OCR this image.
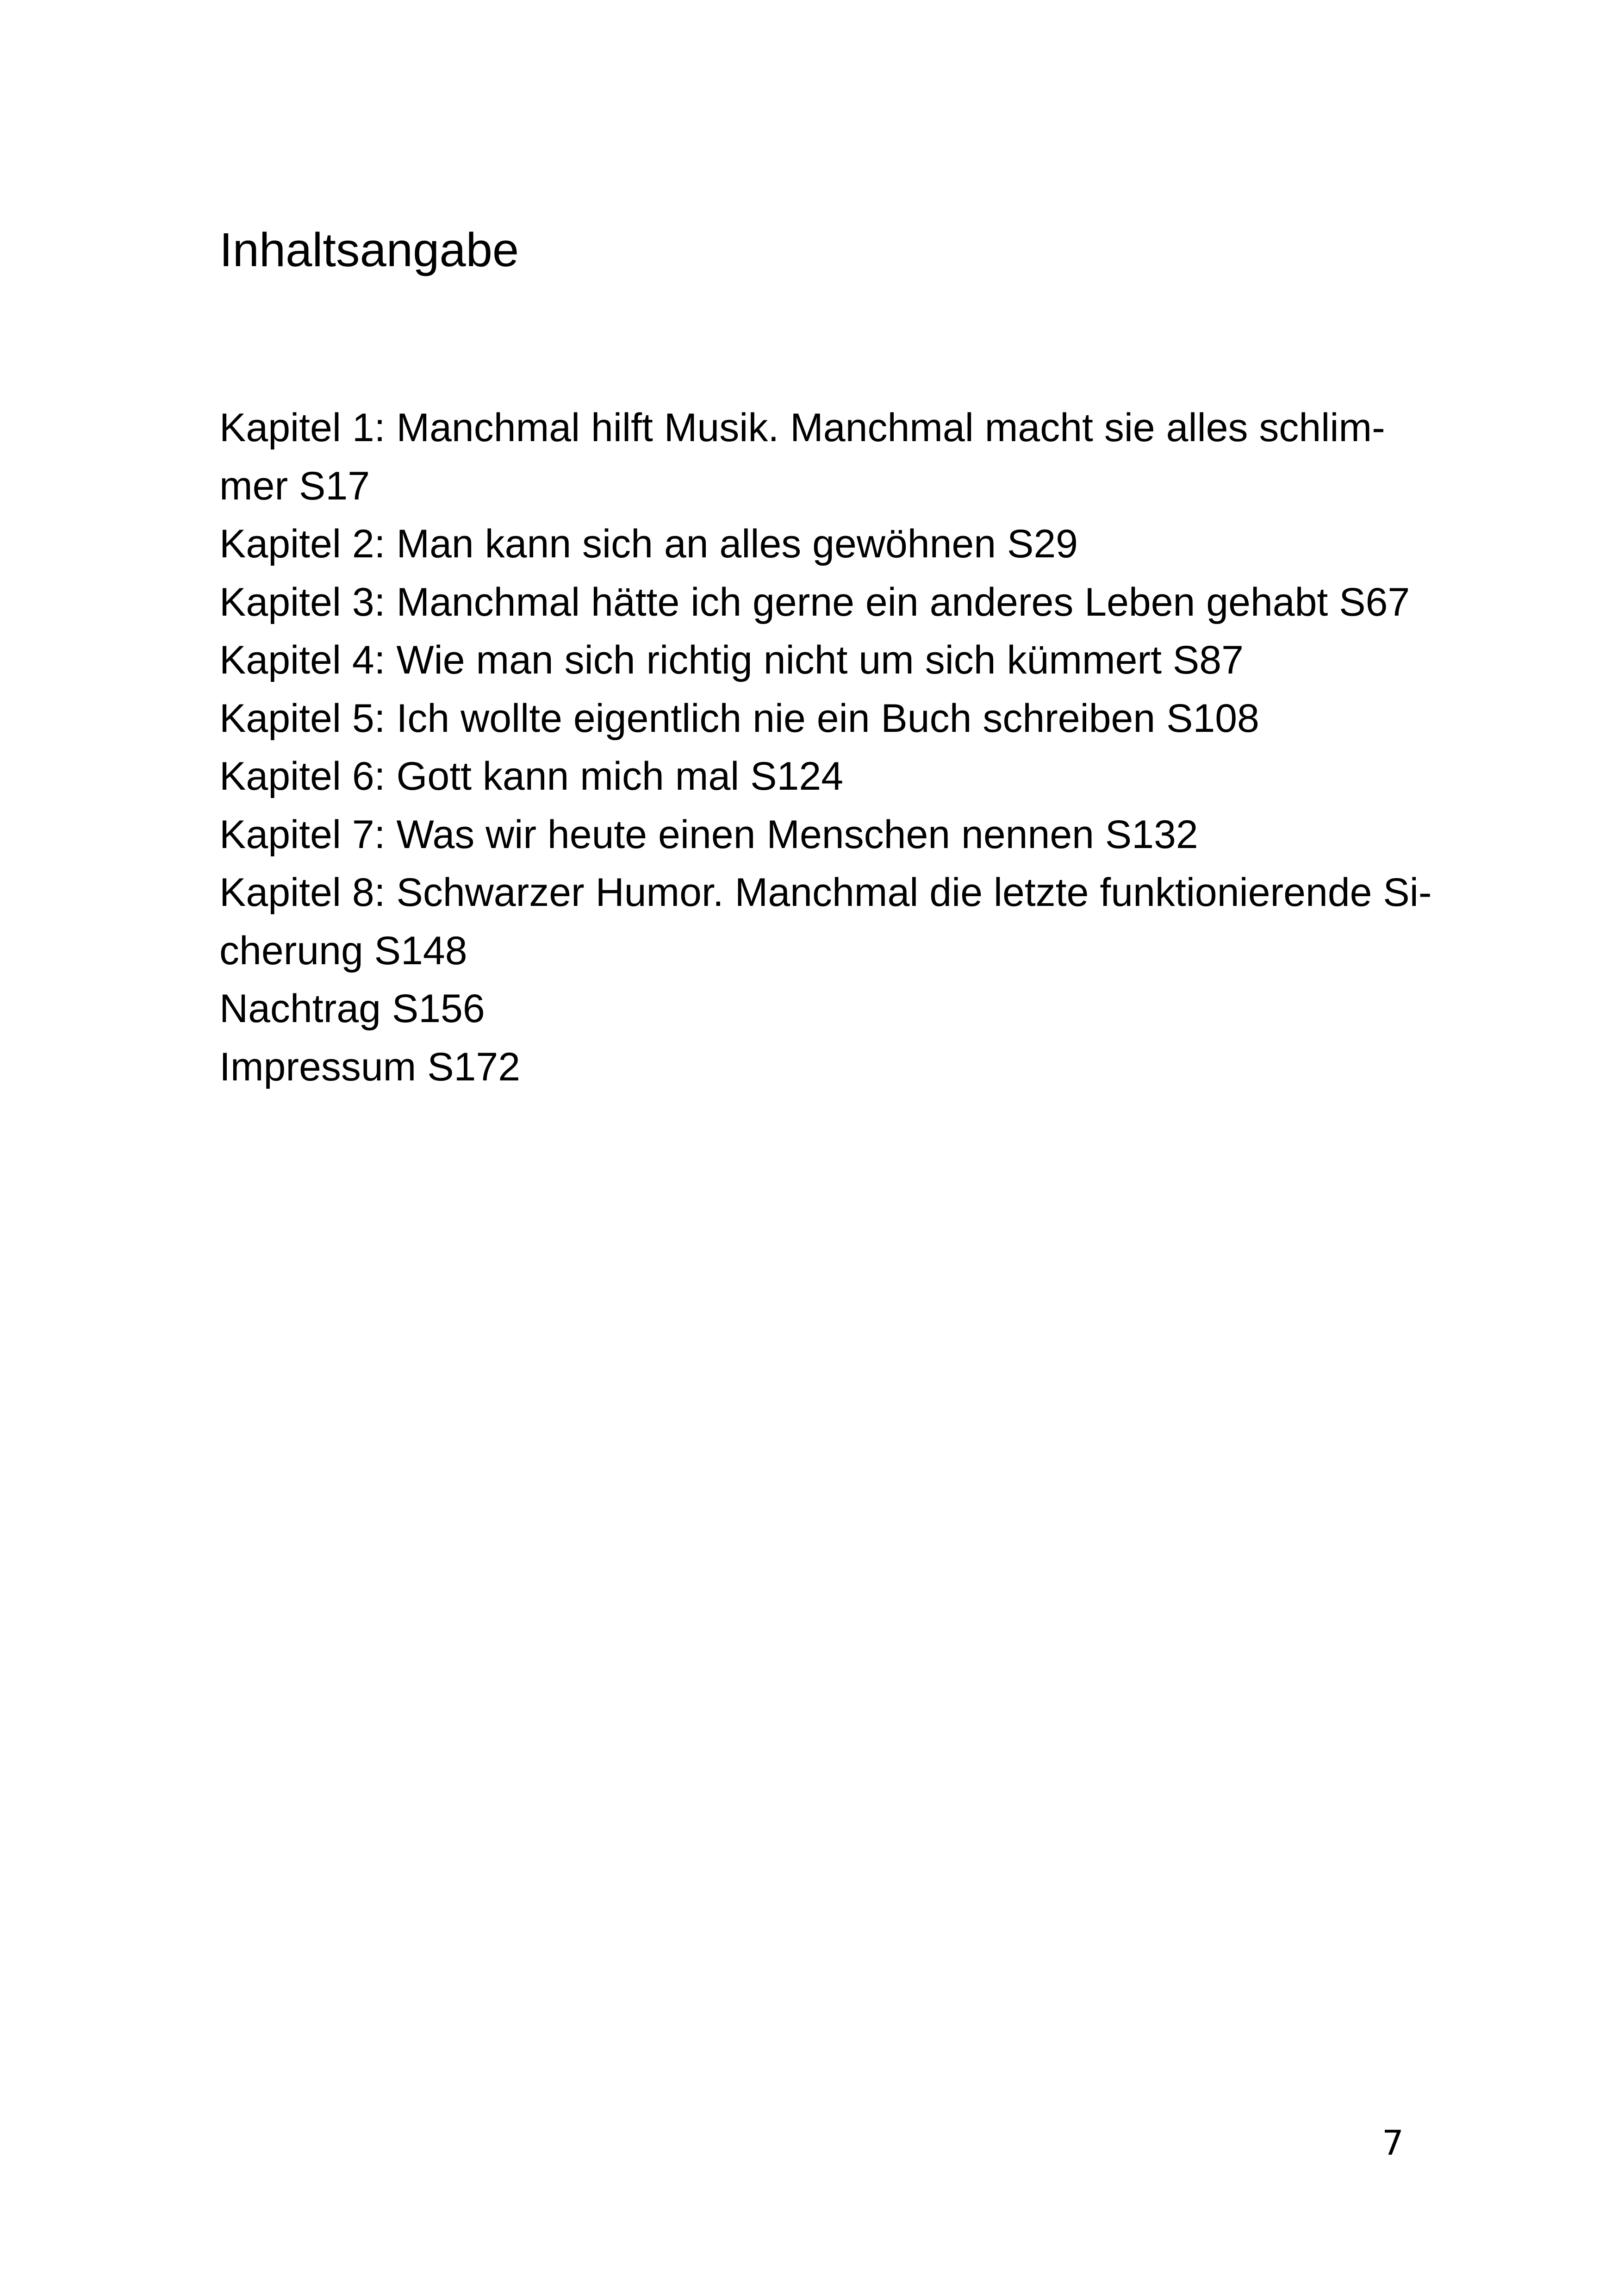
Inhaltsangabe
Kapitel 1: Manchmal hilft Musik. Manchmal macht sie alles schlim-
mer S17
Kapitel 2: Man kann sich an alles gewöhnen S29
Kapitel 3: Manchmal hätte ich gerne ein anderes Leben gehabt S67
Kapitel 4: Wie man sich richtig nicht um sich kümmert S87
Kapitel 5: Ich wollte eigentlich nie ein Buch schreiben S108
Kapitel 6: Gott kann mich mal S124
Kapitel 7: Was wir heute einen Menschen nennen S132
Kapitel 8: Schwarzer Humor. Manchmal die letzte funktionierende Si-
cherung S148
Nachtrag S156
Impressum S172
7
